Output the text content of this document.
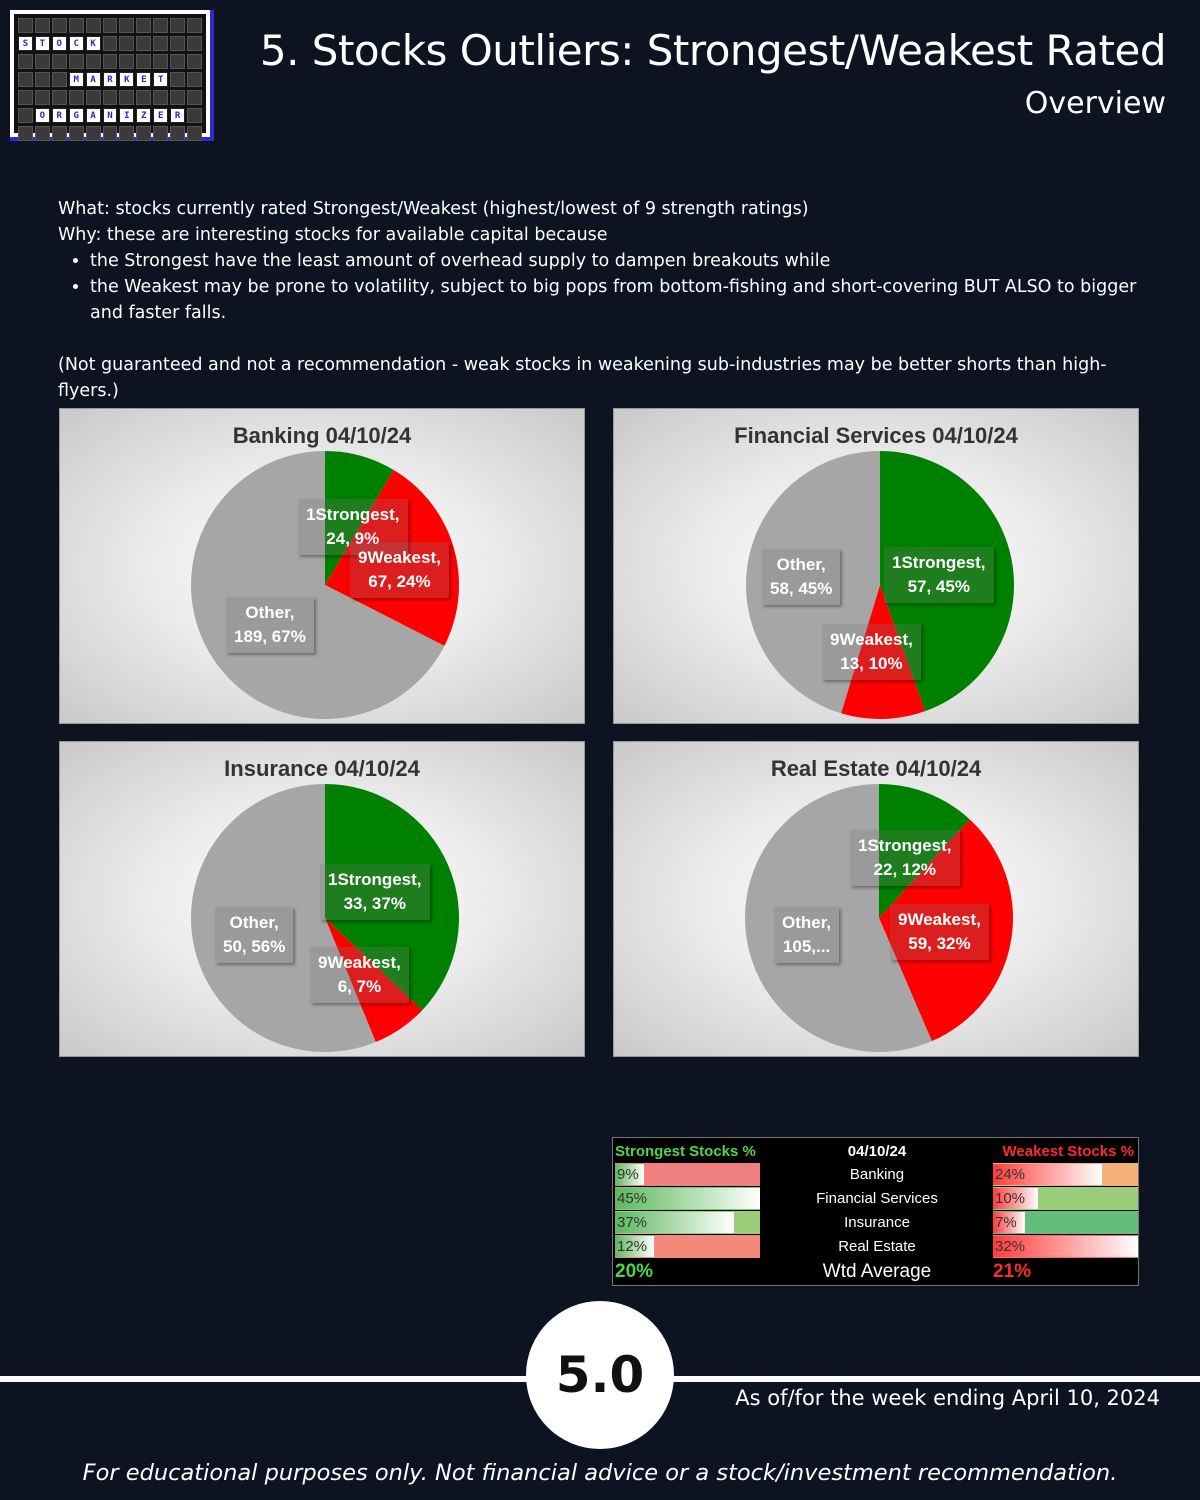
S	T	O	C	K
M	A	R	K	E	T
O	R	G	A	N	I	Z	E	R
5. Stocks Outliers: Strongest/Weakest Rated
Overview

What: stocks currently rated Strongest/Weakest (highest/lowest of 9 strength ratings)

Why: these are interesting stocks for available capital because

• the Strongest have the least amount of overhead supply to dampen breakouts while
• the Weakest may be prone to volatility, subject to big pops from bottom-fishing and short-covering BUT ALSO to bigger and faster falls.

(Not guaranteed and not a recommendation - weak stocks in weakening sub-industries may be better shorts than high-flyers.)

Banking 04/10/24
1Strongest,
24, 9%
9Weakest,
67, 24%
Other,
189, 67%
Financial Services 04/10/24
1Strongest,
57, 45%
9Weakest,
13, 10%
Other,
58, 45%
Insurance 04/10/24
1Strongest,
33, 37%
9Weakest,
6, 7%
Other,
50, 56%
Real Estate 04/10/24
1Strongest,
22, 12%
9Weakest,
59, 32%
Other,
105,...
Strongest Stocks %	04/10/24	Weakest Stocks %
9%	Banking	24%
45%	Financial Services	10%
37%	Insurance	7%
12%	Real Estate	32%
20%	Wtd Average	21%
5.0	As of/for the week ending April 10, 2024
For educational purposes only. Not financial advice or a stock/investment recommendation.
